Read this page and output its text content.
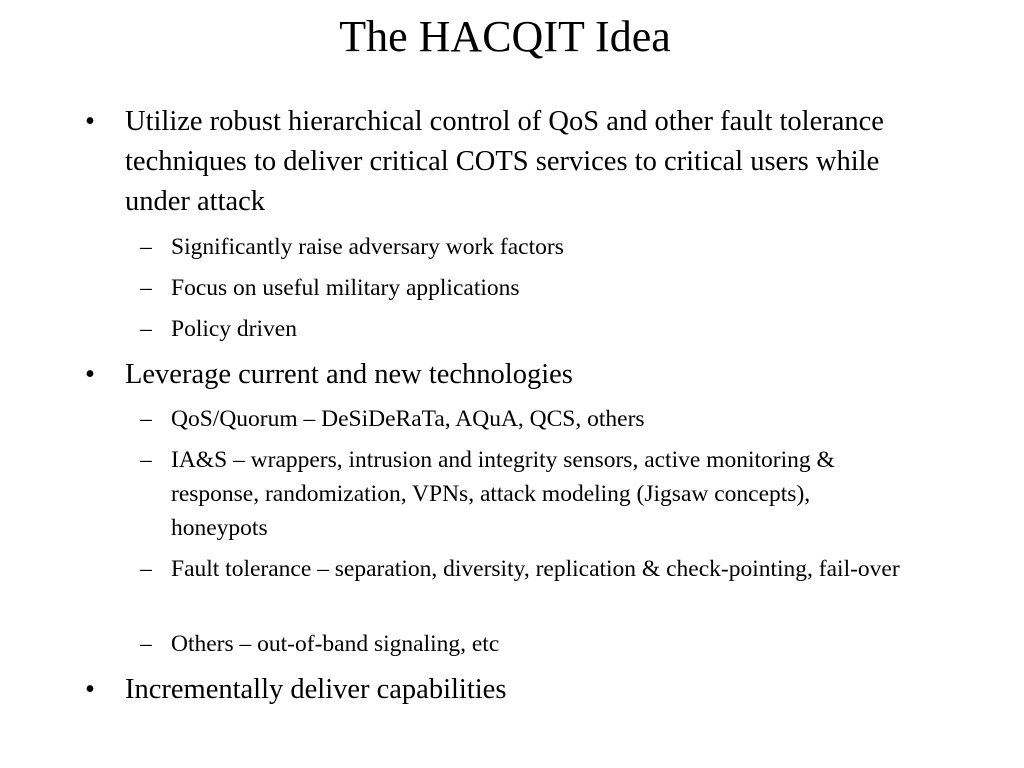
The HACQIT Idea
•	Utilize robust hierarchical control of QoS and other fault tolerance techniques to deliver critical COTS services to critical users while under attack
– Significantly raise adversary work factors
– Focus on useful military applications
– Policy driven
•	Leverage current and new technologies
– QoS/Quorum – DeSiDeRaTa, AQuA, QCS, others
– IA&S – wrappers, intrusion and integrity sensors, active monitoring & response, randomization, VPNs, attack modeling (Jigsaw concepts), honeypots
– Fault tolerance – separation, diversity, replication & check-pointing, fail-over
– Others – out-of-band signaling, etc
•	Incrementally deliver capabilities
